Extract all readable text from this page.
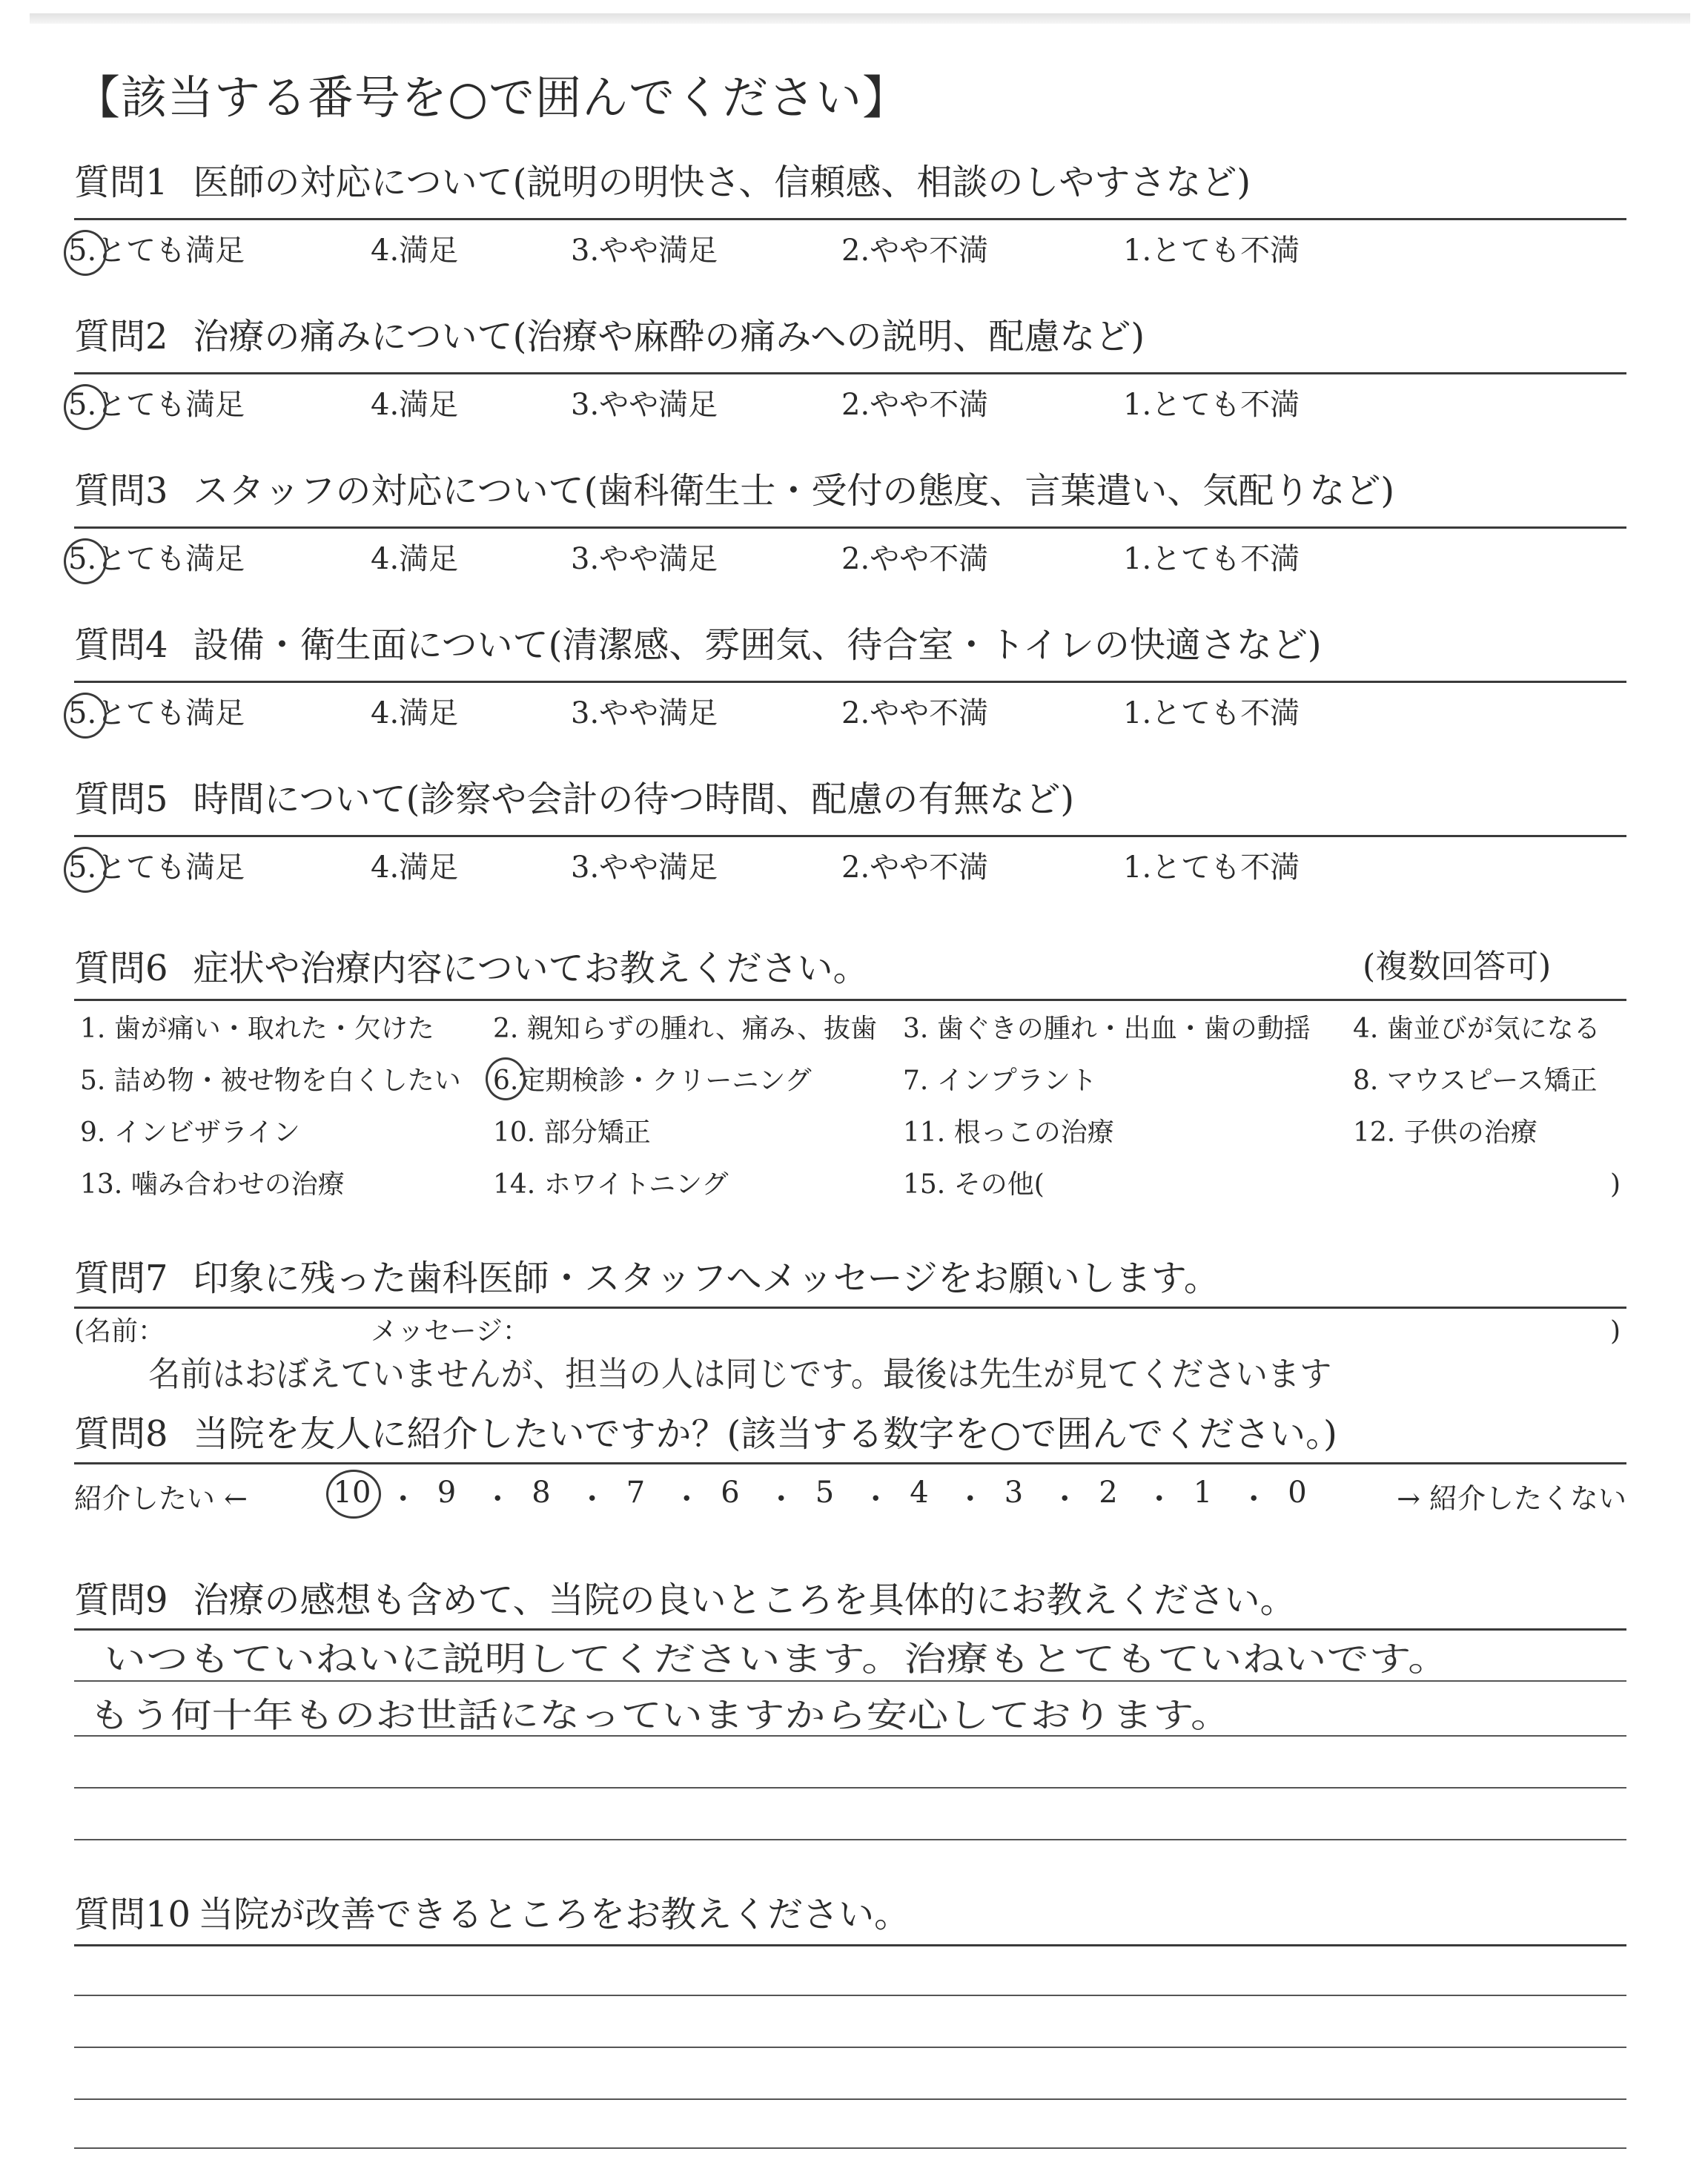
【該当する番号を○で囲んでください】
質問1 医師の対応について(説明の明快さ、信頼感、相談のしやすさなど)
5.とても満足	4.満足	3.やや満足	2.やや不満	1.とても不満
質問2 治療の痛みについて(治療や麻酔の痛みへの説明、配慮など)
5.とても満足	4.満足	3.やや満足	2.やや不満	1.とても不満
質問3 スタッフの対応について(歯科衛生士・受付の態度、言葉遣い、気配りなど)
5.とても満足	4.満足	3.やや満足	2.やや不満	1.とても不満
質問4 設備・衛生面について(清潔感、雰囲気、待合室・トイレの快適さなど)
5.とても満足	4.満足	3.やや満足	2.やや不満	1.とても不満
質問5 時間について(診察や会計の待つ時間、配慮の有無など)
5.とても満足	4.満足	3.やや満足	2.やや不満	1.とても不満
質問6 症状や治療内容についてお教えください。	(複数回答可)
1. 歯が痛い・取れた・欠けた 2. 親知らずの腫れ、痛み、抜歯 3. 歯ぐきの腫れ・出血・歯の動揺 4. 歯並びが気になる
5. 詰め物・被せ物を白くしたい 6.定期検診・クリーニング	7. インプラント	8. マウスピース矯正
9. インビザライン	10. 部分矯正	11. 根っこの治療	12. 子供の治療
13. 噛み合わせの治療	14. ホワイトニング	15. その他(	)
質問7 印象に残った歯科医師・スタッフへメッセージをお願いします。
(名前：	メッセージ：	)
名前はおぼえていませんが、担当の人は同じです。最後は先生が見てくださいます
質問8 当院を友人に紹介したいですか？(該当する数字を○で囲んでください。)
紹介したい ←	→ 紹介したくない
10 ・ 9 ・ 8 ・ 7 ・ 6 ・ 5 ・ 4 ・ 3 ・ 2 ・ 1 ・ 0
質問9 治療の感想も含めて、当院の良いところを具体的にお教えください。
いつもていねいに説明してくださいます。治療もとてもていねいです。
もう何十年ものお世話になっていますから安心しております。
質問10 当院が改善できるところをお教えください。
